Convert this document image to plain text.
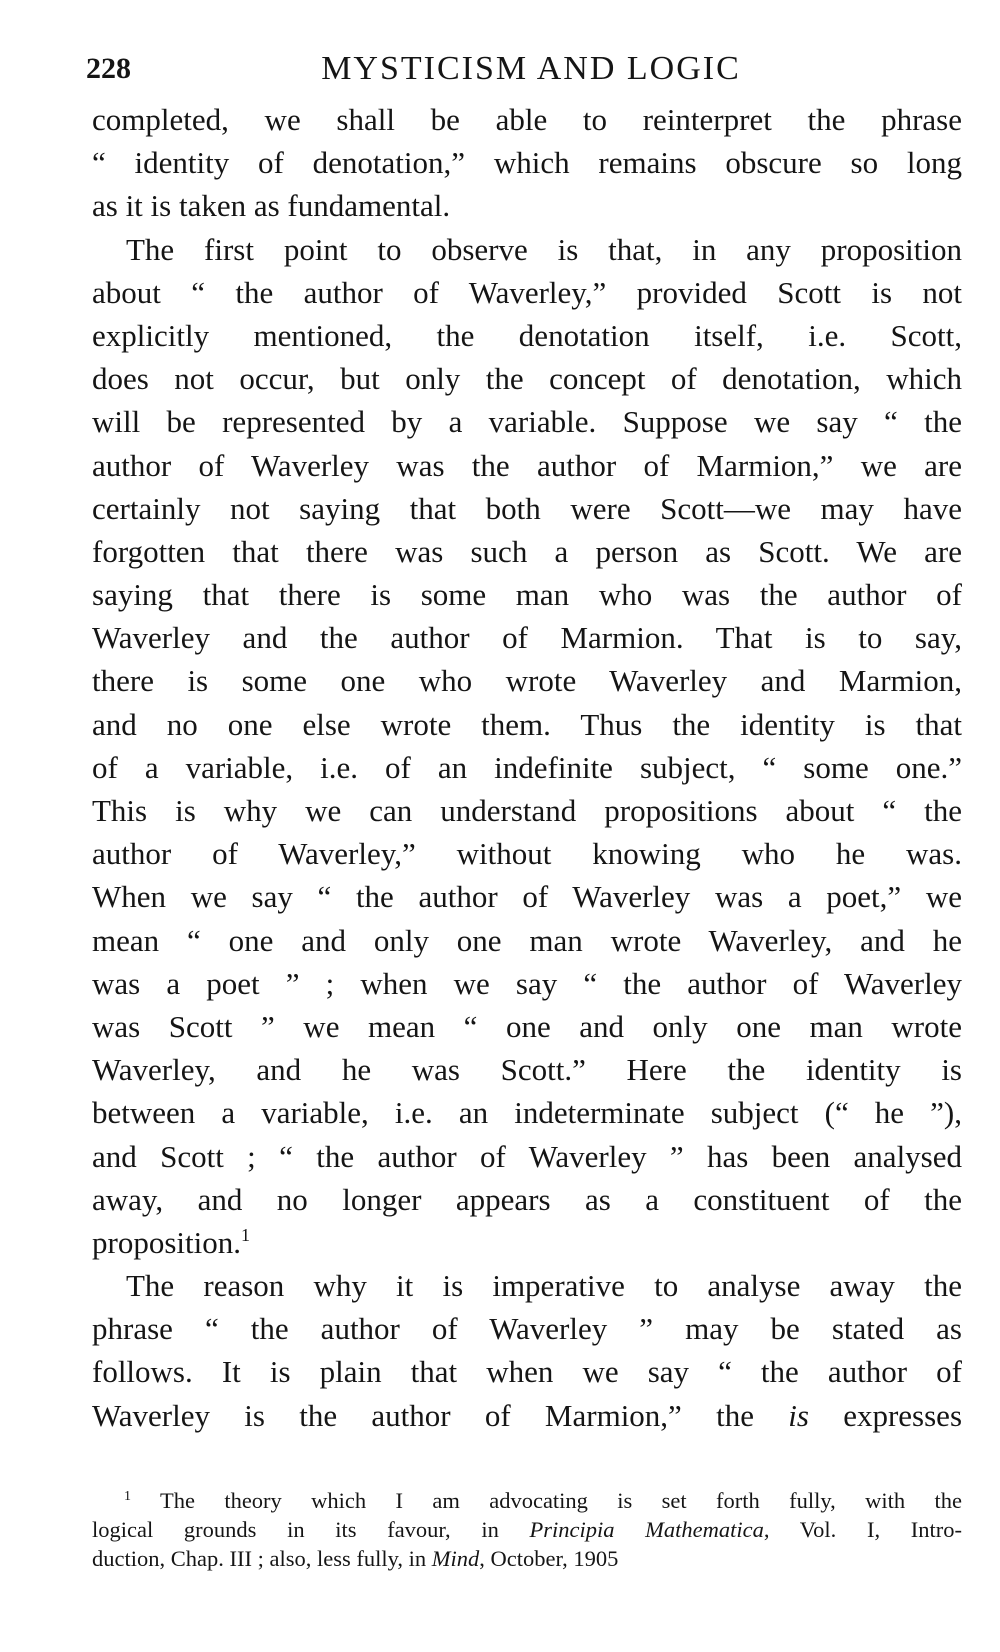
228	MYSTICISM AND LOGIC

completed, we shall be able to reinterpret the phrase
“ identity of denotation,” which remains obscure so long
as it is taken as fundamental.

The first point to observe is that, in any proposition
about “ the author of Waverley,” provided Scott is not
explicitly mentioned, the denotation itself, i.e. Scott,
does not occur, but only the concept of denotation, which
will be represented by a variable. Suppose we say “ the
author of Waverley was the author of Marmion,” we are
certainly not saying that both were Scott—we may have
forgotten that there was such a person as Scott. We are
saying that there is some man who was the author of
Waverley and the author of Marmion. That is to say,
there is some one who wrote Waverley and Marmion,
and no one else wrote them. Thus the identity is that
of a variable, i.e. of an indefinite subject, “ some one.”
This is why we can understand propositions about “ the
author of Waverley,” without knowing who he was.
When we say “ the author of Waverley was a poet,” we
mean “ one and only one man wrote Waverley, and he
was a poet ” ; when we say “ the author of Waverley
was Scott ” we mean “ one and only one man wrote
Waverley, and he was Scott.” Here the identity is
between a variable, i.e. an indeterminate subject (“ he ”),
and Scott ; “ the author of Waverley ” has been analysed
away, and no longer appears as a constituent of the
proposition.$^1$

The reason why it is imperative to analyse away the
phrase “ the author of Waverley ” may be stated as
follows. It is plain that when we say “ the author of
Waverley is the author of Marmion,” the is expresses

$^1$ The theory which I am advocating is set forth fully, with the
logical grounds in its favour, in Principia Mathematica, Vol. I, Intro-
duction, Chap. III ; also, less fully, in Mind, October, 1905
